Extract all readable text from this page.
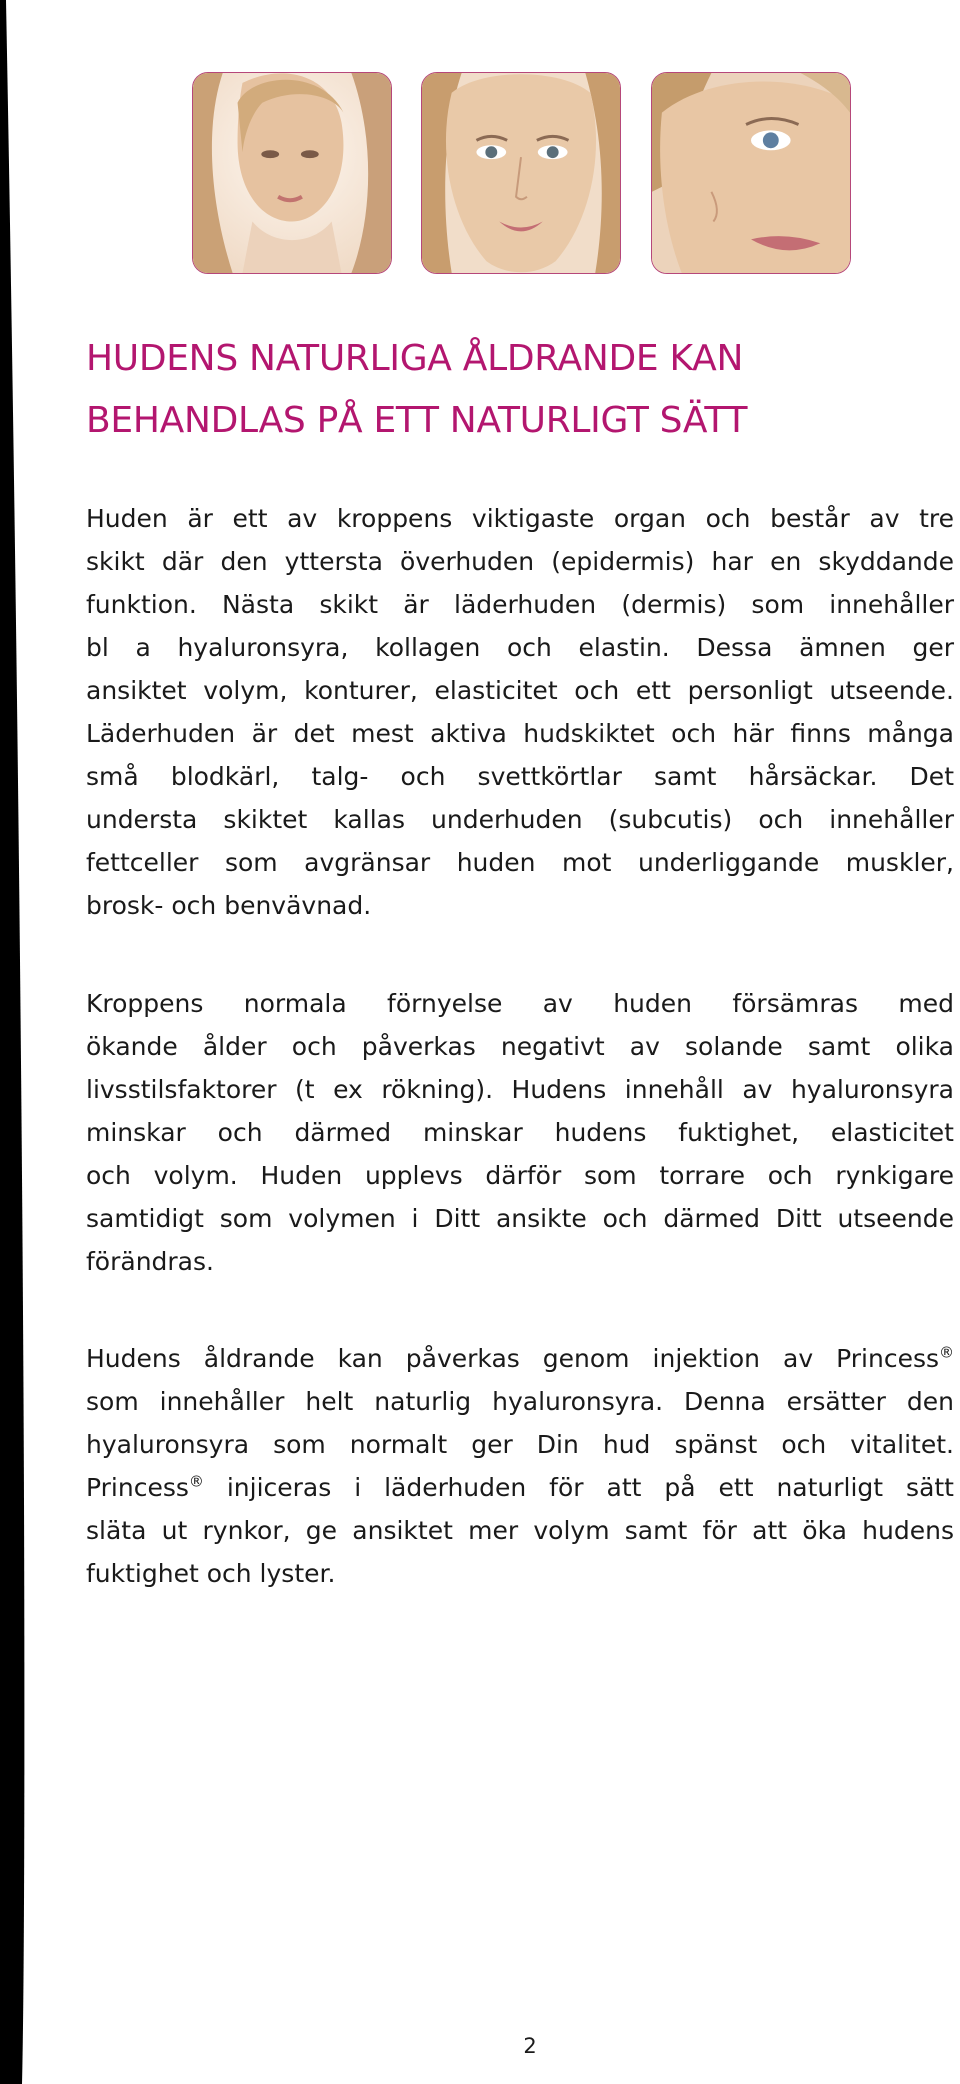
HUDENS NATURLIGA ÅLDRANDE KAN
BEHANDLAS PÅ ETT NATURLIGT SÄTT
Huden är ett av kroppens viktigaste organ och består av tre
skikt där den yttersta överhuden (epidermis) har en skyddande
funktion. Nästa skikt är läderhuden (dermis) som innehåller
bl a hyaluronsyra, kollagen och elastin. Dessa ämnen ger
ansiktet volym, konturer, elasticitet och ett personligt utseende.
Läderhuden är det mest aktiva hudskiktet och här finns många
små blodkärl, talg- och svettkörtlar samt hårsäckar. Det
understa skiktet kallas underhuden (subcutis) och innehåller
fettceller som avgränsar huden mot underliggande muskler,
brosk- och benvävnad.
Kroppens normala förnyelse av huden försämras med
ökande ålder och påverkas negativt av solande samt olika
livsstilsfaktorer (t ex rökning). Hudens innehåll av hyaluronsyra
minskar och därmed minskar hudens fuktighet, elasticitet
och volym. Huden upplevs därför som torrare och rynkigare
samtidigt som volymen i Ditt ansikte och därmed Ditt utseende
förändras.
Hudens åldrande kan påverkas genom injektion av Princess®
som innehåller helt naturlig hyaluronsyra. Denna ersätter den
hyaluronsyra som normalt ger Din hud spänst och vitalitet.
Princess® injiceras i läderhuden för att på ett naturligt sätt
släta ut rynkor, ge ansiktet mer volym samt för att öka hudens
fuktighet och lyster.
2
